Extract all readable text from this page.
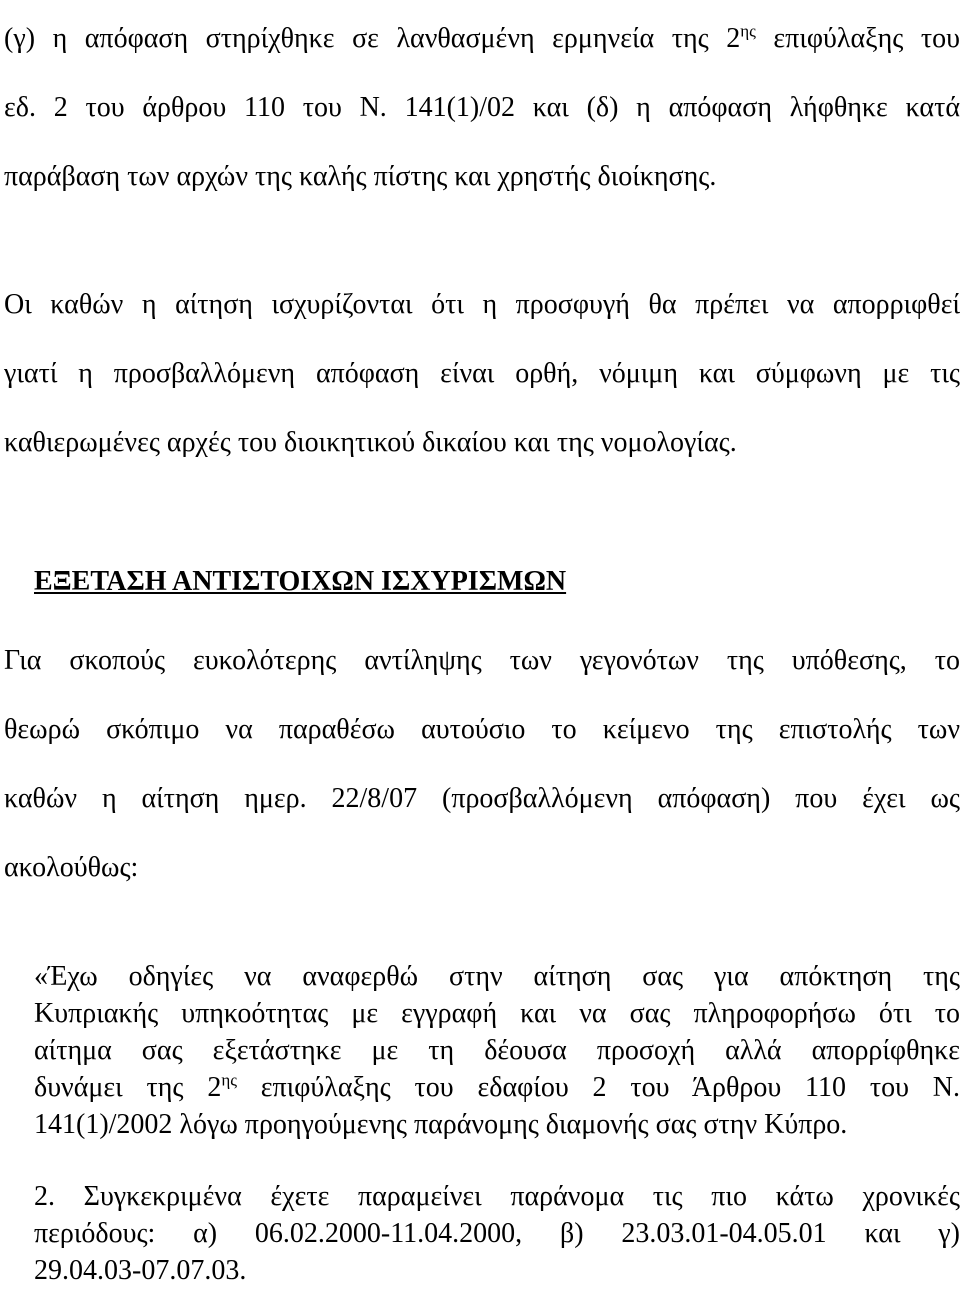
(γ) η απόφαση στηρίχθηκε σε λανθασμένη ερμηνεία της $2^{\eta\varsigma}$ επιφύλαξης του
εδ. 2 του άρθρου 110 του Ν. 141(1)/02 και (δ) η απόφαση λήφθηκε κατά
παράβαση των αρχών της καλής πίστης και χρηστής διοίκησης.
Οι καθών η αίτηση ισχυρίζονται ότι η προσφυγή θα πρέπει να απορριφθεί
γιατί η προσβαλλόμενη απόφαση είναι ορθή, νόμιμη και σύμφωνη με τις
καθιερωμένες αρχές του διοικητικού δικαίου και της νομολογίας.
ΕΞΕΤΑΣΗ ΑΝΤΙΣΤΟΙΧΩΝ ΙΣΧΥΡΙΣΜΩΝ
Για σκοπούς ευκολότερης αντίληψης των γεγονότων της υπόθεσης, το
θεωρώ σκόπιμο να παραθέσω αυτούσιο το κείμενο της επιστολής των
καθών η αίτηση ημερ. 22/8/07 (προσβαλλόμενη απόφαση) που έχει ως
ακολούθως:
«Έχω οδηγίες να αναφερθώ στην αίτηση σας για απόκτηση της
Κυπριακής υπηκοότητας με εγγραφή και να σας πληροφορήσω ότι το
αίτημα σας εξετάστηκε με τη δέουσα προσοχή αλλά απορρίφθηκε
δυνάμει της $2^{\eta\varsigma}$ επιφύλαξης του εδαφίου 2 του Άρθρου 110 του Ν.
141(1)/2002 λόγω προηγούμενης παράνομης διαμονής σας στην Κύπρο.
2. Συγκεκριμένα έχετε παραμείνει παράνομα τις πιο κάτω χρονικές
περιόδους: α) 06.02.2000-11.04.2000, β) 23.03.01-04.05.01 και γ)
29.04.03-07.07.03.
